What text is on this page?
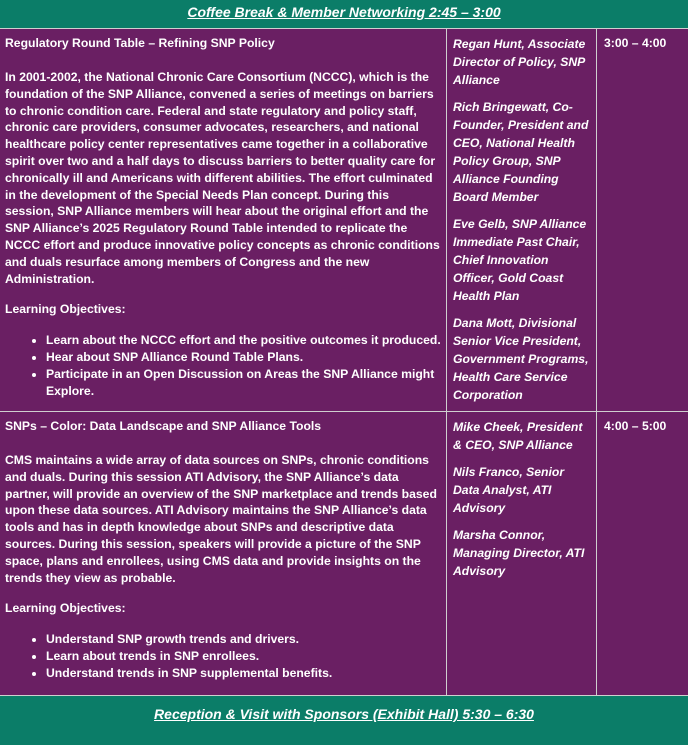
Coffee Break & Member Networking 2:45 – 3:00

Regulatory Round Table – Refining SNP Policy

In 2001-2002, the National Chronic Care Consortium (NCCC), which is the foundation of the SNP Alliance, convened a series of meetings on barriers to chronic condition care. Federal and state regulatory and policy staff, chronic care providers, consumer advocates, researchers, and national healthcare policy center representatives came together in a collaborative spirit over two and a half days to discuss barriers to better quality care for chronically ill and Americans with different abilities. The effort culminated in the development of the Special Needs Plan concept. During this session, SNP Alliance members will hear about the original effort and the SNP Alliance’s 2025 Regulatory Round Table intended to replicate the NCCC effort and produce innovative policy concepts as chronic conditions and duals resurface among members of Congress and the new Administration.

Learning Objectives:

• Learn about the NCCC effort and the positive outcomes it produced.
• Hear about SNP Alliance Round Table Plans.
• Participate in an Open Discussion on Areas the SNP Alliance might Explore.

Regan Hunt, Associate Director of Policy, SNP Alliance

Rich Bringewatt, Co-Founder, President and CEO, National Health Policy Group, SNP Alliance Founding Board Member

Eve Gelb, SNP Alliance Immediate Past Chair, Chief Innovation Officer, Gold Coast Health Plan

Dana Mott, Divisional Senior Vice President, Government Programs, Health Care Service Corporation

3:00 – 4:00

SNPs – Color: Data Landscape and SNP Alliance Tools

CMS maintains a wide array of data sources on SNPs, chronic conditions and duals. During this session ATI Advisory, the SNP Alliance’s data partner, will provide an overview of the SNP marketplace and trends based upon these data sources. ATI Advisory maintains the SNP Alliance’s data tools and has in depth knowledge about SNPs and descriptive data sources. During this session, speakers will provide a picture of the SNP space, plans and enrollees, using CMS data and provide insights on the trends they view as probable.

Learning Objectives:

• Understand SNP growth trends and drivers.
• Learn about trends in SNP enrollees.
• Understand trends in SNP supplemental benefits.

Mike Cheek, President & CEO, SNP Alliance

Nils Franco, Senior Data Analyst, ATI Advisory

Marsha Connor, Managing Director, ATI Advisory

4:00 – 5:00
Reception & Visit with Sponsors (Exhibit Hall) 5:30 – 6:30
